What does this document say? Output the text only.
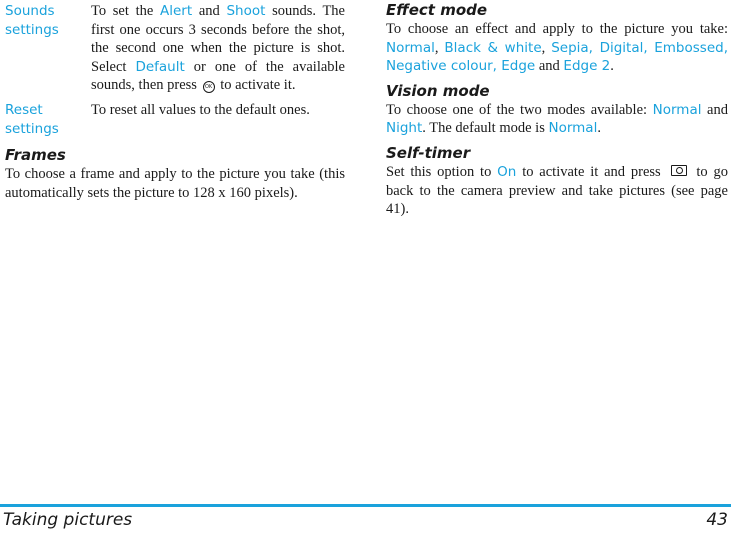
Sounds settings
To set the Alert and Shoot sounds. The first one occurs 3 seconds before the shot, the second one when the picture is shot. Select Default or one of the available sounds, then press OK to activate it.
Reset settings
To reset all values to the default ones.
Frames

To choose a frame and apply to the picture you take (this automatically sets the picture to 128 x 160 pixels).

Effect mode

To choose an effect and apply to the picture you take: Normal, Black & white, Sepia, Digital, Embossed, Negative colour, Edge and Edge 2.

Vision mode

To choose one of the two modes available: Normal and Night. The default mode is Normal.

Self-timer

Set this option to On to activate it and press  to go back to the camera preview and take pictures (see page 41).

Taking pictures	43
